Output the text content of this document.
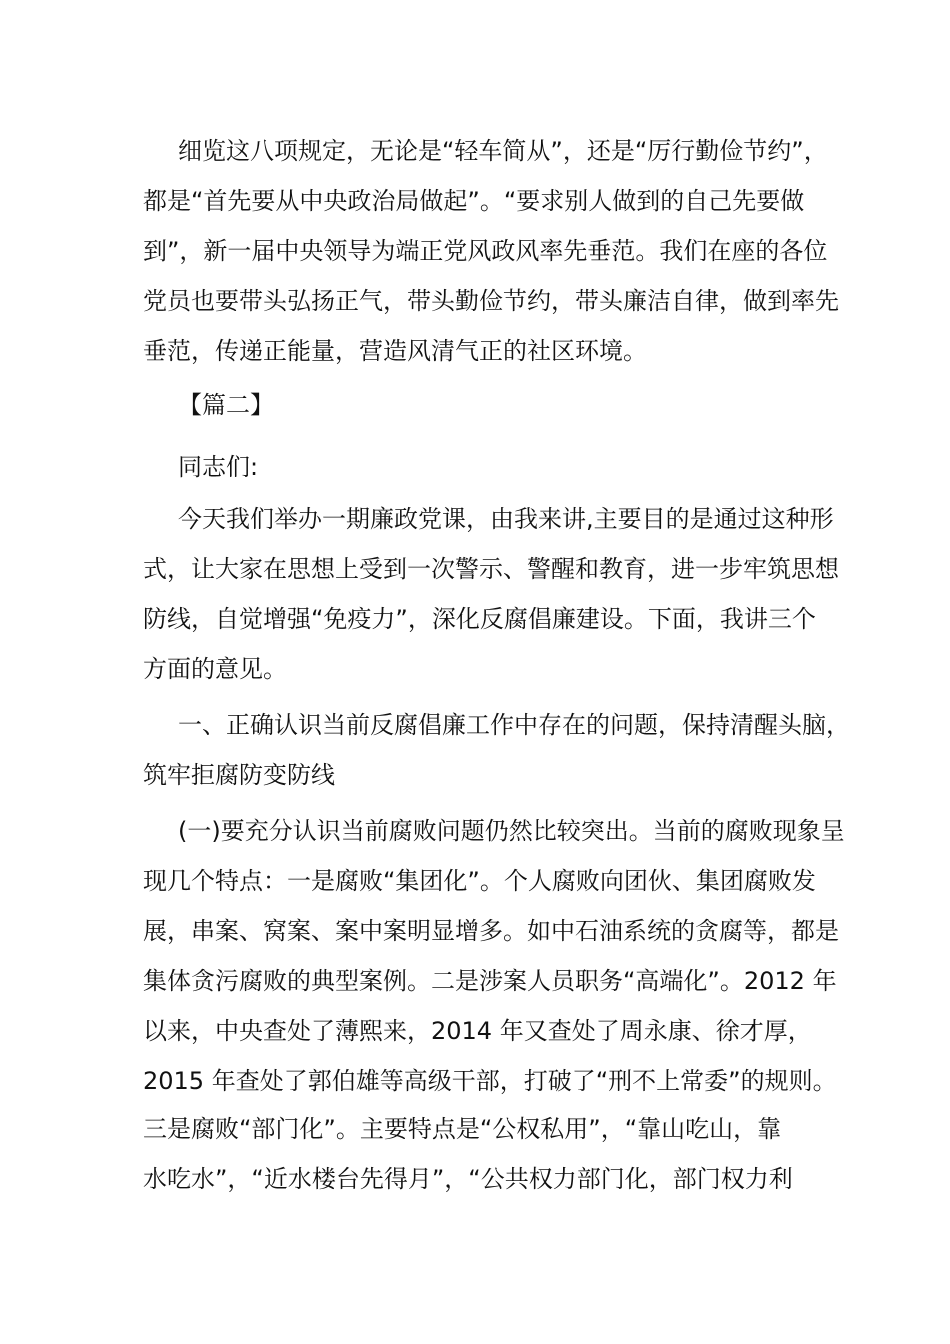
细览这八项规定，无论是“轻车简从”，还是“厉行勤俭节约”，
都是“首先要从中央政治局做起”。“要求别人做到的自己先要做
到”，新一届中央领导为端正党风政风率先垂范。我们在座的各位
党员也要带头弘扬正气，带头勤俭节约，带头廉洁自律，做到率先
垂范，传递正能量，营造风清气正的社区环境。
【篇二】
同志们:
今天我们举办一期廉政党课，由我来讲,主要目的是通过这种形
式，让大家在思想上受到一次警示、警醒和教育，进一步牢筑思想
防线，自觉增强“免疫力”，深化反腐倡廉建设。下面，我讲三个
方面的意见。
一、正确认识当前反腐倡廉工作中存在的问题，保持清醒头脑，
筑牢拒腐防变防线
(一)要充分认识当前腐败问题仍然比较突出。当前的腐败现象呈
现几个特点：一是腐败“集团化”。个人腐败向团伙、集团腐败发
展，串案、窝案、案中案明显增多。如中石油系统的贪腐等，都是
集体贪污腐败的典型案例。二是涉案人员职务“高端化”。2012 年
以来，中央查处了薄熙来，2014 年又查处了周永康、徐才厚，
2015 年查处了郭伯雄等高级干部，打破了“刑不上常委”的规则。
三是腐败“部门化”。主要特点是“公权私用”，“靠山吃山，靠
水吃水”，“近水楼台先得月”，“公共权力部门化，部门权力利
